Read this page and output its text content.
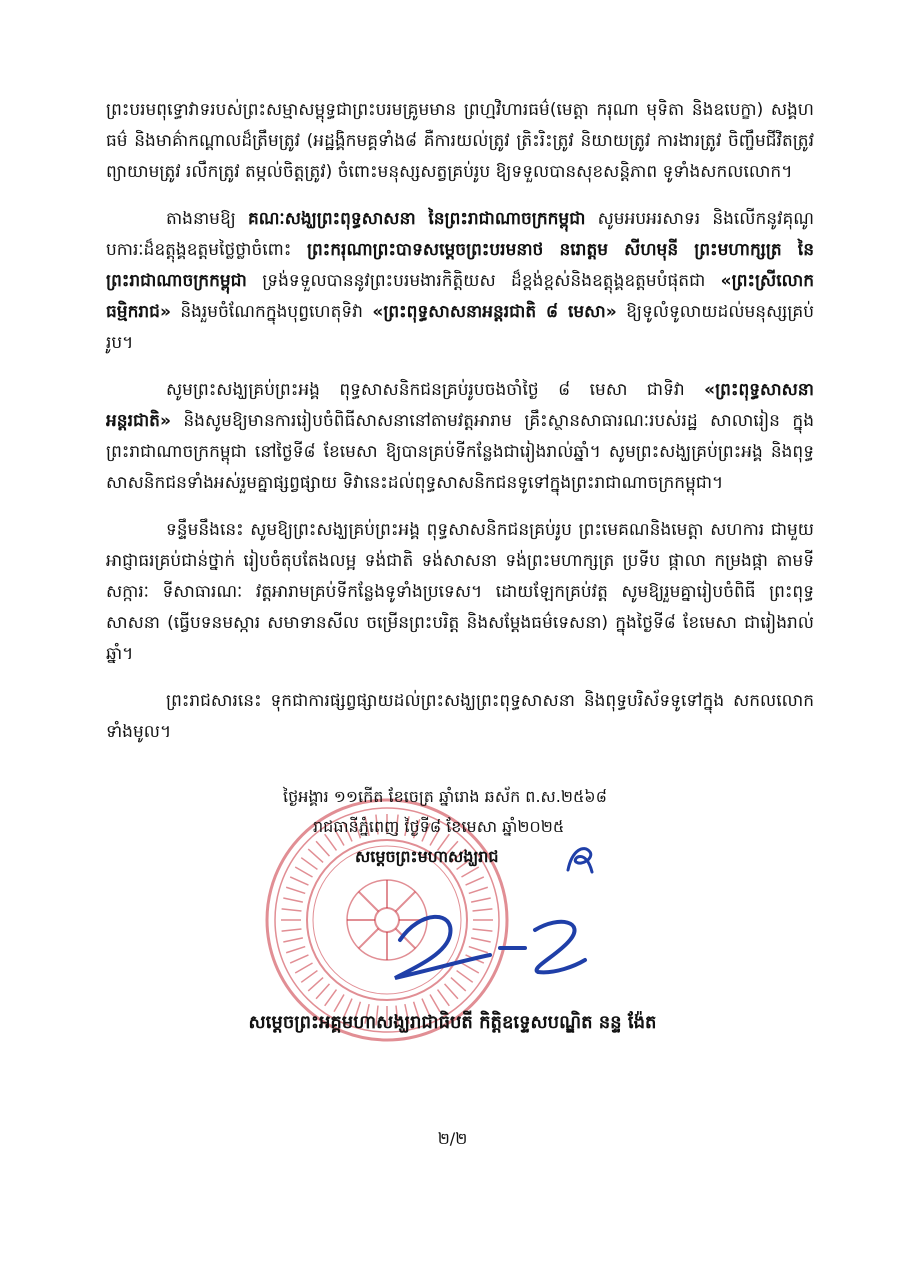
ព្រះបរមពុទ្ធោវាទរបស់ព្រះសម្មាសម្ពុទ្ធជាព្រះបរមគ្រូមមាន ព្រហ្មវិហារធម៌(មេត្តា ករុណា មុទិតា និងឧបេក្ខា) សង្គហធម៌ និងមាគ៌ាកណ្តាលដ៏ត្រឹមត្រូវ (អដ្ឋង្គិកមគ្គទាំង៨ គឺការយល់ត្រូវ ត្រិះរិះត្រូវ និយាយត្រូវ ការងារត្រូវ ចិញ្ចឹមជីវិតត្រូវ ព្យាយាមត្រូវ រលឹកត្រូវ តម្កល់ចិត្តត្រូវ) ចំពោះមនុស្សសត្វគ្រប់រូប ឱ្យទទួលបានសុខសន្តិភាព ទូទាំងសកលលោក។

តាងនាមឱ្យ គណៈសង្ឃព្រះពុទ្ធសាសនា នៃព្រះរាជាណាចក្រកម្ពុជា សូមអបអរសាទរ និងលើកនូវគុណូបការៈដ៏ឧត្តុង្គឧត្តមថ្លៃថ្លាចំពោះ ព្រះករុណាព្រះបាទសម្តេចព្រះបរមនាថ នរោត្តម សីហមុនី ព្រះមហាក្សត្រ នៃព្រះរាជាណាចក្រកម្ពុជា ទ្រង់ទទួលបាននូវព្រះបរមងារកិត្តិយស ដ៏ខ្ពង់ខ្ពស់និងឧត្តុង្គឧត្តមបំផុតជា «ព្រះស្រីលោកធម្មិករាជ» និងរួមចំណែកក្នុងបុព្វហេតុទិវា «ព្រះពុទ្ធសាសនាអន្តរជាតិ ៨ មេសា» ឱ្យទូលំទូលាយដល់មនុស្សគ្រប់រូប។

សូមព្រះសង្ឃគ្រប់ព្រះអង្គ ពុទ្ធសាសនិកជនគ្រប់រូបចងចាំថ្ងៃ ៨ មេសា ជាទិវា «ព្រះពុទ្ធសាសនា អន្តរជាតិ» និងសូមឱ្យមានការរៀបចំពិធីសាសនានៅតាមវត្តអារាម គ្រឹះស្ថានសាធារណៈរបស់រដ្ឋ សាលារៀន ក្នុងព្រះរាជាណាចក្រកម្ពុជា នៅថ្ងៃទី៨ ខែមេសា ឱ្យបានគ្រប់ទីកន្លែងជារៀងរាល់ឆ្នាំ។ សូមព្រះសង្ឃគ្រប់ព្រះអង្គ និងពុទ្ធសាសនិកជនទាំងអស់រួមគ្នាផ្សព្វផ្សាយ ទិវានេះដល់ពុទ្ធសាសនិកជនទូទៅក្នុងព្រះរាជាណាចក្រកម្ពុជា។

ទន្ទឹមនឹងនេះ សូមឱ្យព្រះសង្ឃគ្រប់ព្រះអង្គ ពុទ្ធសាសនិកជនគ្រប់រូប ព្រះមេគណនិងមេត្តា សហការ ជាមួយអាជ្ញាធរគ្រប់ជាន់ថ្នាក់ រៀបចំតុបតែងលម្អ ទង់ជាតិ ទង់សាសនា ទង់ព្រះមហាក្សត្រ ប្រទីប ផ្កាលា កម្រងផ្កា តាមទីសក្ការៈ ទីសាធារណៈ វត្តអារាមគ្រប់ទីកន្លែងទូទាំងប្រទេស។ ដោយឡែកគ្រប់វត្ត សូមឱ្យរួមគ្នារៀបចំពិធី ព្រះពុទ្ធសាសនា (ធ្វើបទនមស្ការ សមាទានសីល ចម្រើនព្រះបរិត្ត និងសម្តែងធម៌ទេសនា) ក្នុងថ្ងៃទី៨ ខែមេសា ជារៀងរាល់ឆ្នាំ។

ព្រះរាជសារនេះ ទុកជាការផ្សព្វផ្សាយដល់ព្រះសង្ឃព្រះពុទ្ធសាសនា និងពុទ្ធបរិស័ទទូទៅក្នុង សកលលោកទាំងមូល។

ថ្ងៃអង្គារ ១១កើត ខែចេត្រ ឆ្នាំរោង ឆស័ក ព.ស.២៥៦៨
រាជធានីភ្នំពេញ ថ្ងៃទី៨ ខែមេសា ឆ្នាំ២០២៥
សម្តេចព្រះមហាសង្ឃរាជ
សម្តេចព្រះអគ្គមហាសង្ឃរាជាធិបតី កិត្តិឧទ្ទេសបណ្ឌិត នន្ទ ង៉ែត
២/២
